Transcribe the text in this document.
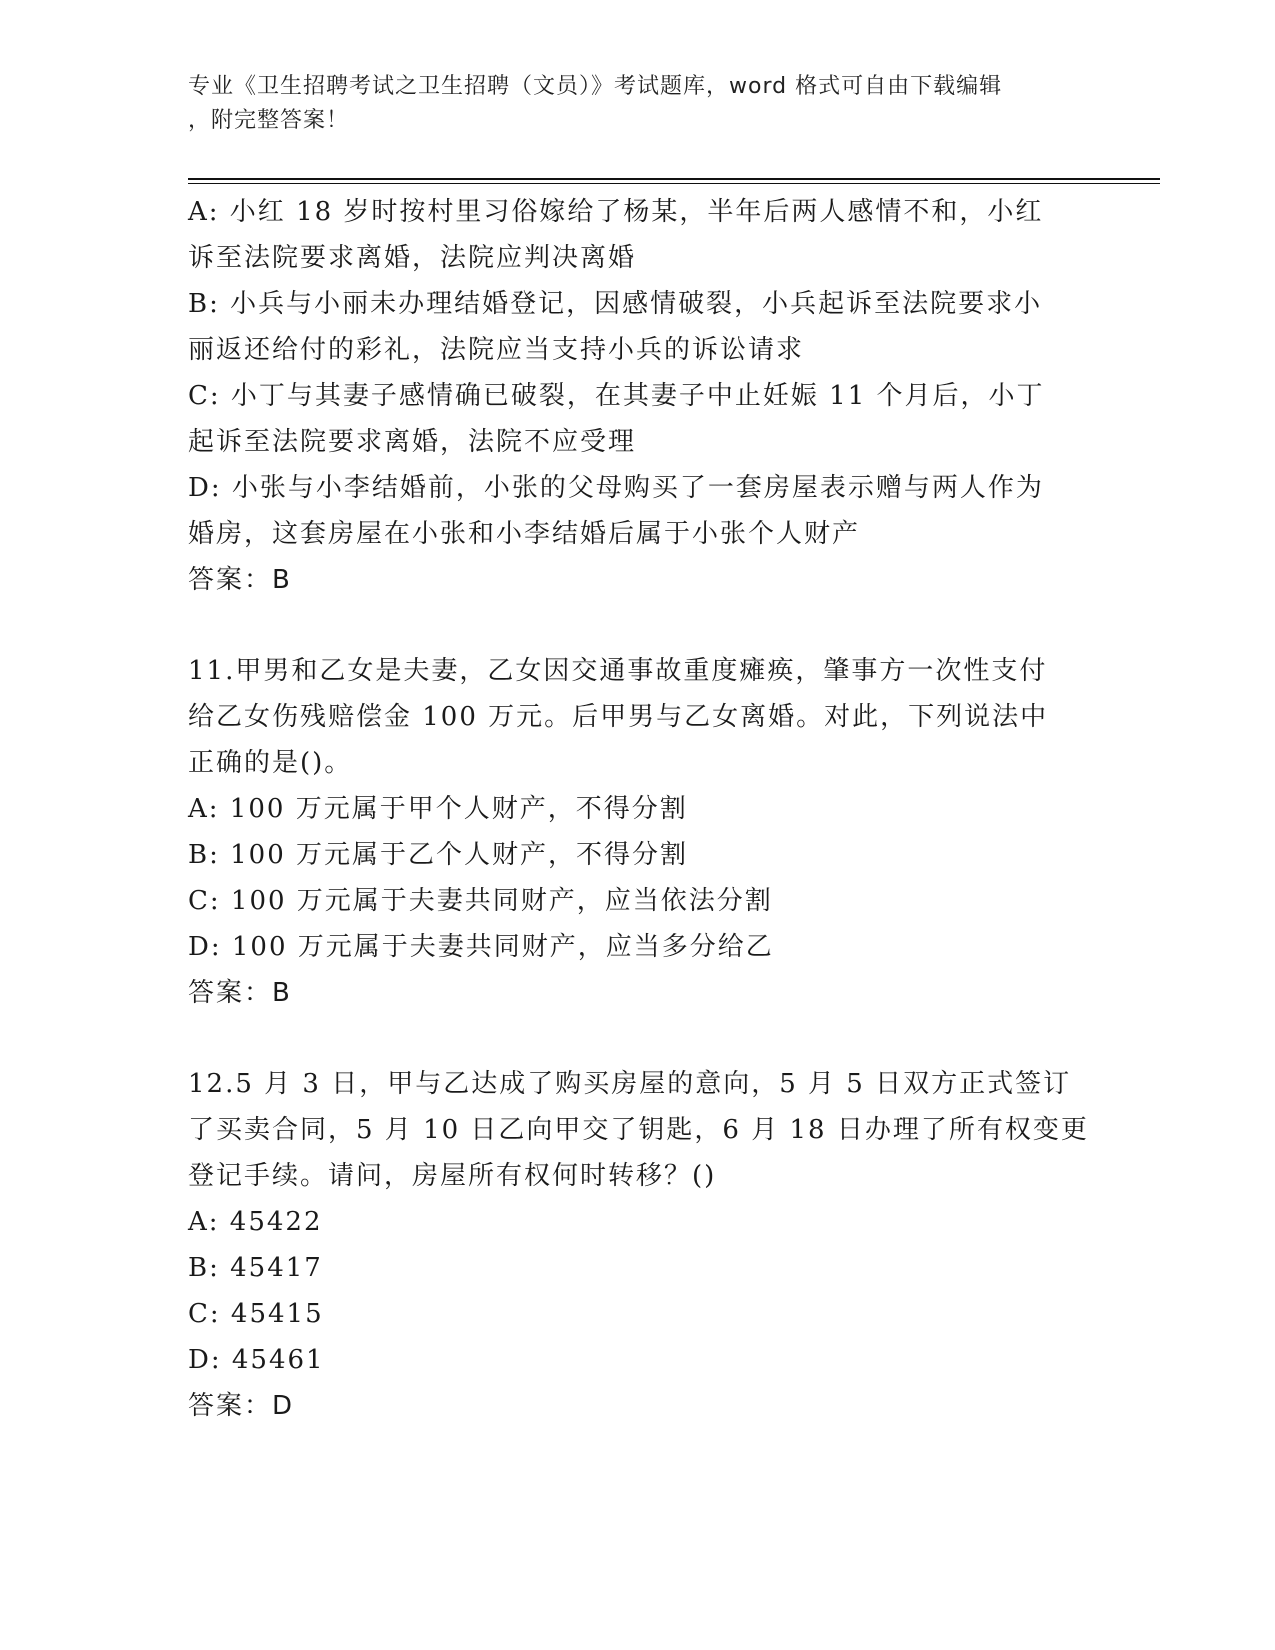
专业《卫生招聘考试之卫生招聘（文员）》考试题库，word 格式可自由下载编辑
，附完整答案！
A: 小红 18 岁时按村里习俗嫁给了杨某，半年后两人感情不和，小红
诉至法院要求离婚，法院应判决离婚
B: 小兵与小丽未办理结婚登记，因感情破裂，小兵起诉至法院要求小
丽返还给付的彩礼，法院应当支持小兵的诉讼请求
C: 小丁与其妻子感情确已破裂，在其妻子中止妊娠 11 个月后，小丁
起诉至法院要求离婚，法院不应受理
D: 小张与小李结婚前，小张的父母购买了一套房屋表示赠与两人作为
婚房，这套房屋在小张和小李结婚后属于小张个人财产
答案：B
11.甲男和乙女是夫妻，乙女因交通事故重度瘫痪，肇事方一次性支付
给乙女伤残赔偿金 100 万元。后甲男与乙女离婚。对此，下列说法中
正确的是()。
A: 100 万元属于甲个人财产，不得分割
B: 100 万元属于乙个人财产，不得分割
C: 100 万元属于夫妻共同财产，应当依法分割
D: 100 万元属于夫妻共同财产，应当多分给乙
答案：B
12.5 月 3 日，甲与乙达成了购买房屋的意向，5 月 5 日双方正式签订
了买卖合同，5 月 10 日乙向甲交了钥匙，6 月 18 日办理了所有权变更
登记手续。请问，房屋所有权何时转移？()
A: 45422
B: 45417
C: 45415
D: 45461
答案：D
